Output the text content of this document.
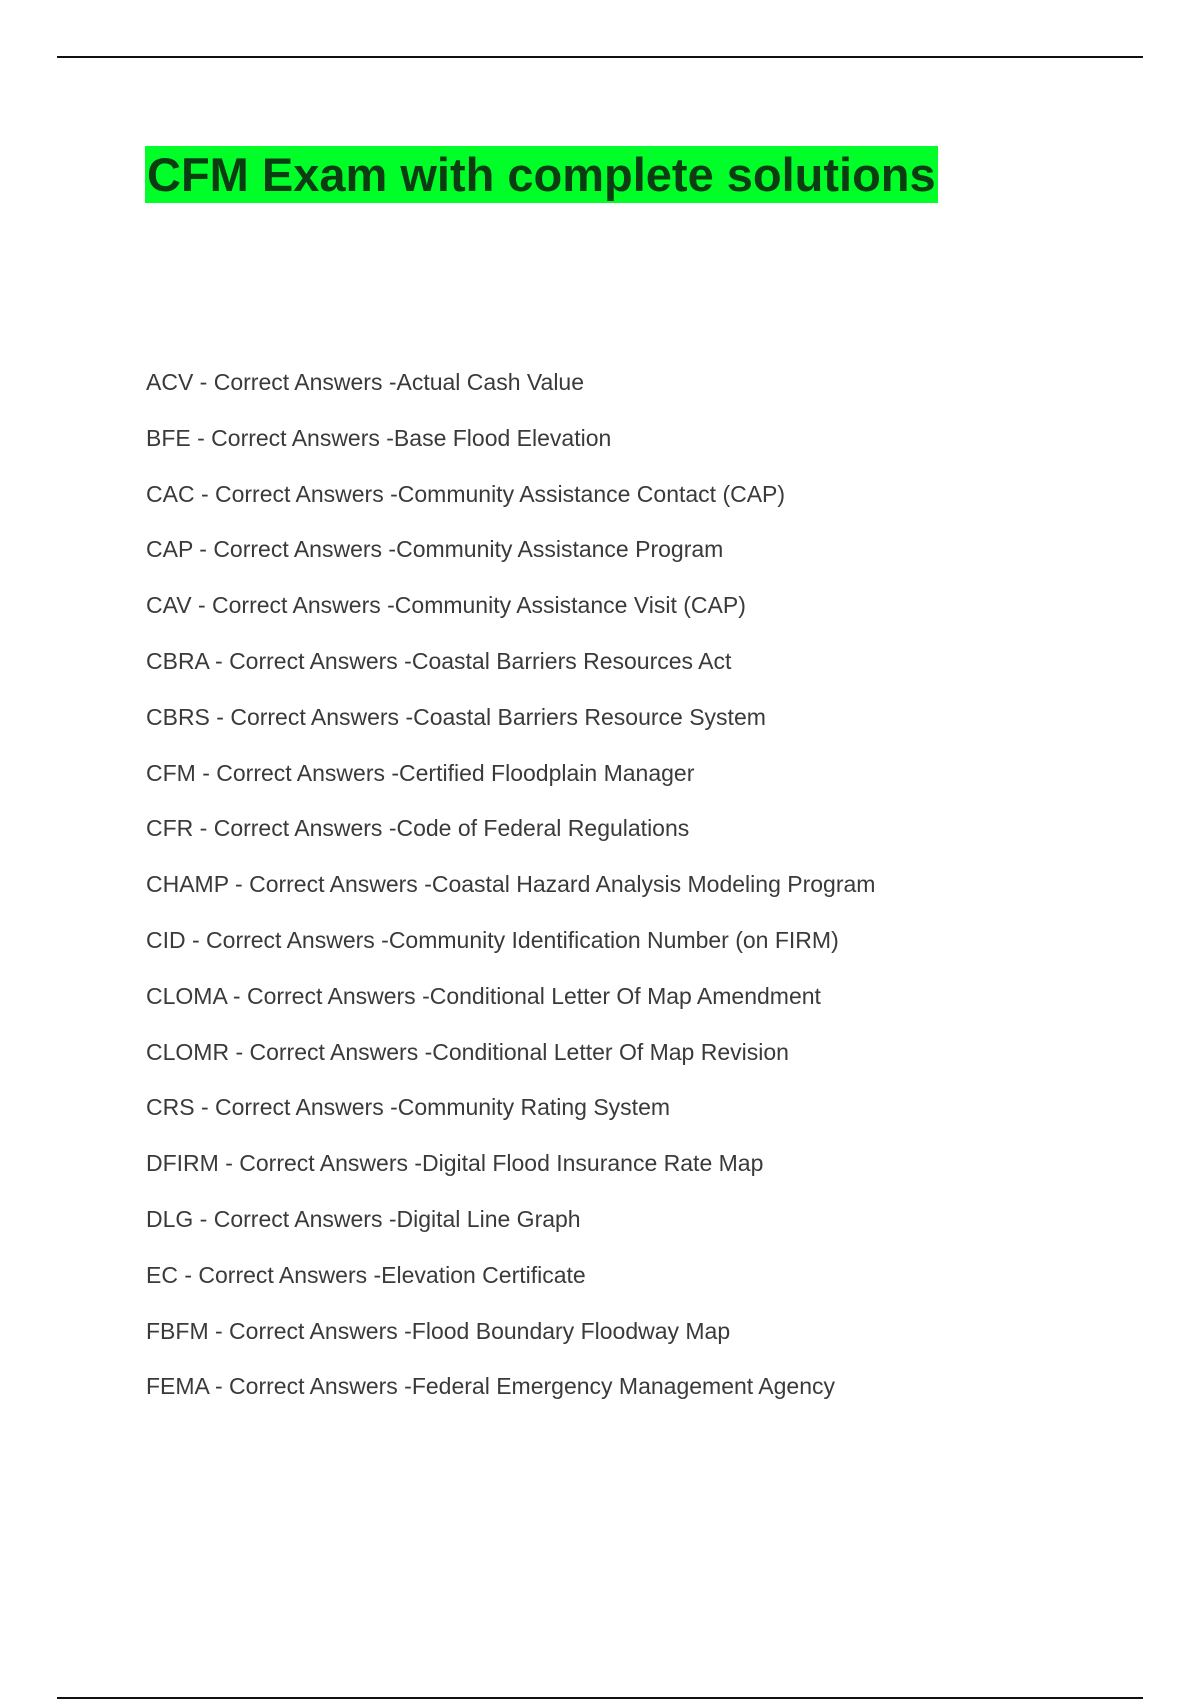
CFM Exam with complete solutions
ACV - Correct Answers -Actual Cash Value
BFE - Correct Answers -Base Flood Elevation
CAC - Correct Answers -Community Assistance Contact (CAP)
CAP - Correct Answers -Community Assistance Program
CAV - Correct Answers -Community Assistance Visit (CAP)
CBRA - Correct Answers -Coastal Barriers Resources Act
CBRS - Correct Answers -Coastal Barriers Resource System
CFM - Correct Answers -Certified Floodplain Manager
CFR - Correct Answers -Code of Federal Regulations
CHAMP - Correct Answers -Coastal Hazard Analysis Modeling Program
CID - Correct Answers -Community Identification Number (on FIRM)
CLOMA - Correct Answers -Conditional Letter Of Map Amendment
CLOMR - Correct Answers -Conditional Letter Of Map Revision
CRS - Correct Answers -Community Rating System
DFIRM - Correct Answers -Digital Flood Insurance Rate Map
DLG - Correct Answers -Digital Line Graph
EC - Correct Answers -Elevation Certificate
FBFM - Correct Answers -Flood Boundary Floodway Map
FEMA - Correct Answers -Federal Emergency Management Agency
